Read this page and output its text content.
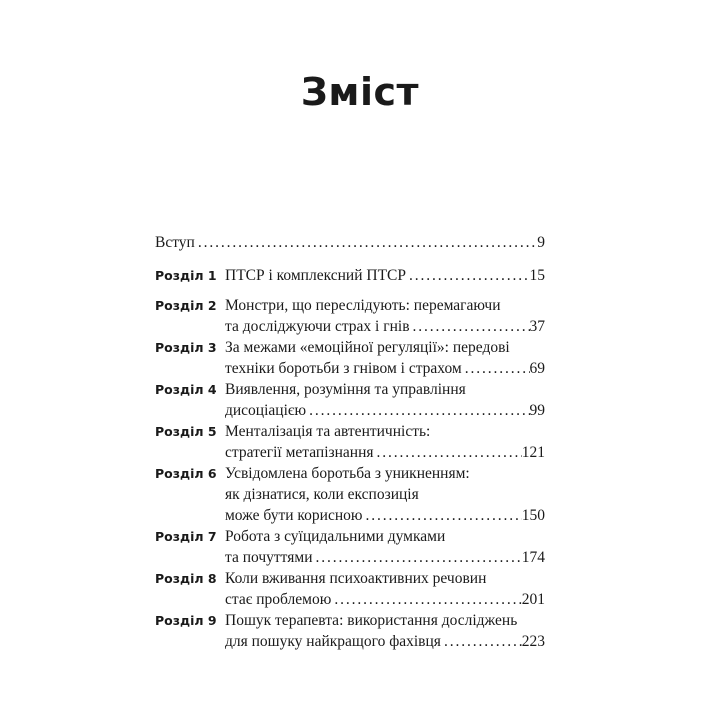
Зміст
Вступ . . .	9
Розділ 1 ПТСР і комплексний ПТСР . . .	15
Розділ 2 Монстри, що переслідують: перемагаючи
та досліджуючи страх і гнів . . .	37
Розділ 3 За межами «емоційної регуляції»: передові
техніки боротьби з гнівом і страхом . . .	69
Розділ 4 Виявлення, розуміння та управління
дисоціацією . . .	99
Розділ 5 Менталізація та автентичність:
стратегії метапізнання . . .	121
Розділ 6 Усвідомлена боротьба з уникненням:
як дізнатися, коли експозиція
може бути корисною . . .	150
Розділ 7 Робота з суїцидальними думками
та почуттями . . .	174
Розділ 8 Коли вживання психоактивних речовин
стає проблемою . . .	201
Розділ 9 Пошук терапевта: використання досліджень
для пошуку найкращого фахівця . . .	223
